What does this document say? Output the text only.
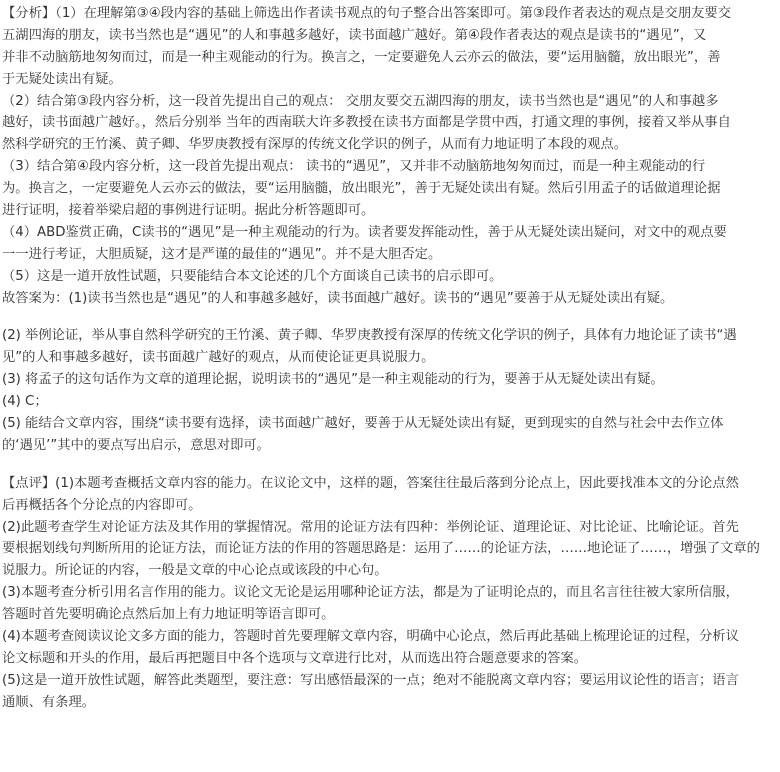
【分析】（1）在理解第③④段内容的基础上筛选出作者读书观点的句子整合出答案即可。第③段作者表达的观点是交朋友要交
五湖四海的朋友，读书当然也是“遇见”的人和事越多越好，读书面越广越好。第④段作者表达的观点是读书的“遇见”，又
并非不动脑筋地匆匆而过，而是一种主观能动的行为。换言之，一定要避免人云亦云的做法，要“运用脑髓，放出眼光”，善
于无疑处读出有疑。
（2）结合第③段内容分析，这一段首先提出自己的观点： 交朋友要交五湖四海的朋友，读书当然也是“遇见”的人和事越多
越好，读书面越广越好。，然后分别举 当年的西南联大许多教授在读书方面都是学贯中西，打通文理的事例，接着又举从事自
然科学研究的王竹溪、黄子卿、华罗庚教授有深厚的传统文化学识的例子，从而有力地证明了本段的观点。
（3）结合第④段内容分析，这一段首先提出观点： 读书的“遇见”，又并非不动脑筋地匆匆而过，而是一种主观能动的行
为。换言之，一定要避免人云亦云的做法，要“运用脑髓，放出眼光”，善于无疑处读出有疑。然后引用孟子的话做道理论据
进行证明，接着举梁启超的事例进行证明。据此分析答题即可。
（4）ABD鉴赏正确，C读书的“遇见”是一种主观能动的行为。读者要发挥能动性，善于从无疑处读出疑问，对文中的观点要
一一进行考证，大胆质疑，这才是严谨的最佳的“遇见”。并不是大胆否定。
（5）这是一道开放性试题，只要能结合本文论述的几个方面谈自己读书的启示即可。
故答案为：(1)读书当然也是“遇见”的人和事越多越好，读书面越广越好。读书的“遇见”要善于从无疑处读出有疑。
(2) 举例论证，举从事自然科学研究的王竹溪、黄子卿、华罗庚教授有深厚的传统文化学识的例子，具体有力地论证了读书“遇
见”的人和事越多越好，读书面越广越好的观点，从而使论证更具说服力。
(3) 将孟子的这句话作为文章的道理论据，说明读书的“遇见”是一种主观能动的行为，要善于从无疑处读出有疑。
(4) C；
(5) 能结合文章内容，围绕“读书要有选择，读书面越广越好，要善于从无疑处读出有疑，更到现实的自然与社会中去作立体
的‘遇见’”其中的要点写出启示，意思对即可。
【点评】(1)本题考查概括文章内容的能力。在议论文中，这样的题，答案往往最后落到分论点上，因此要找准本文的分论点然
后再概括各个分论点的内容即可。
(2)此题考查学生对论证方法及其作用的掌握情况。常用的论证方法有四种：举例论证、道理论证、对比论证、比喻论证。首先
要根据划线句判断所用的论证方法，而论证方法的作用的答题思路是：运用了……的论证方法，……地论证了……，增强了文章的
说服力。所论证的内容，一般是文章的中心论点或该段的中心句。
(3)本题考查分析引用名言作用的能力。议论文无论是运用哪种论证方法，都是为了证明论点的，而且名言往往被大家所信服，
答题时首先要明确论点然后加上有力地证明等语言即可。
(4)本题考查阅读议论文多方面的能力，答题时首先要理解文章内容，明确中心论点，然后再此基础上梳理论证的过程，分析议
论文标题和开头的作用，最后再把题目中各个选项与文章进行比对，从而选出符合题意要求的答案。
(5)这是一道开放性试题，解答此类题型，要注意：写出感悟最深的一点；绝对不能脱离文章内容；要运用议论性的语言；语言
通顺、有条理。
